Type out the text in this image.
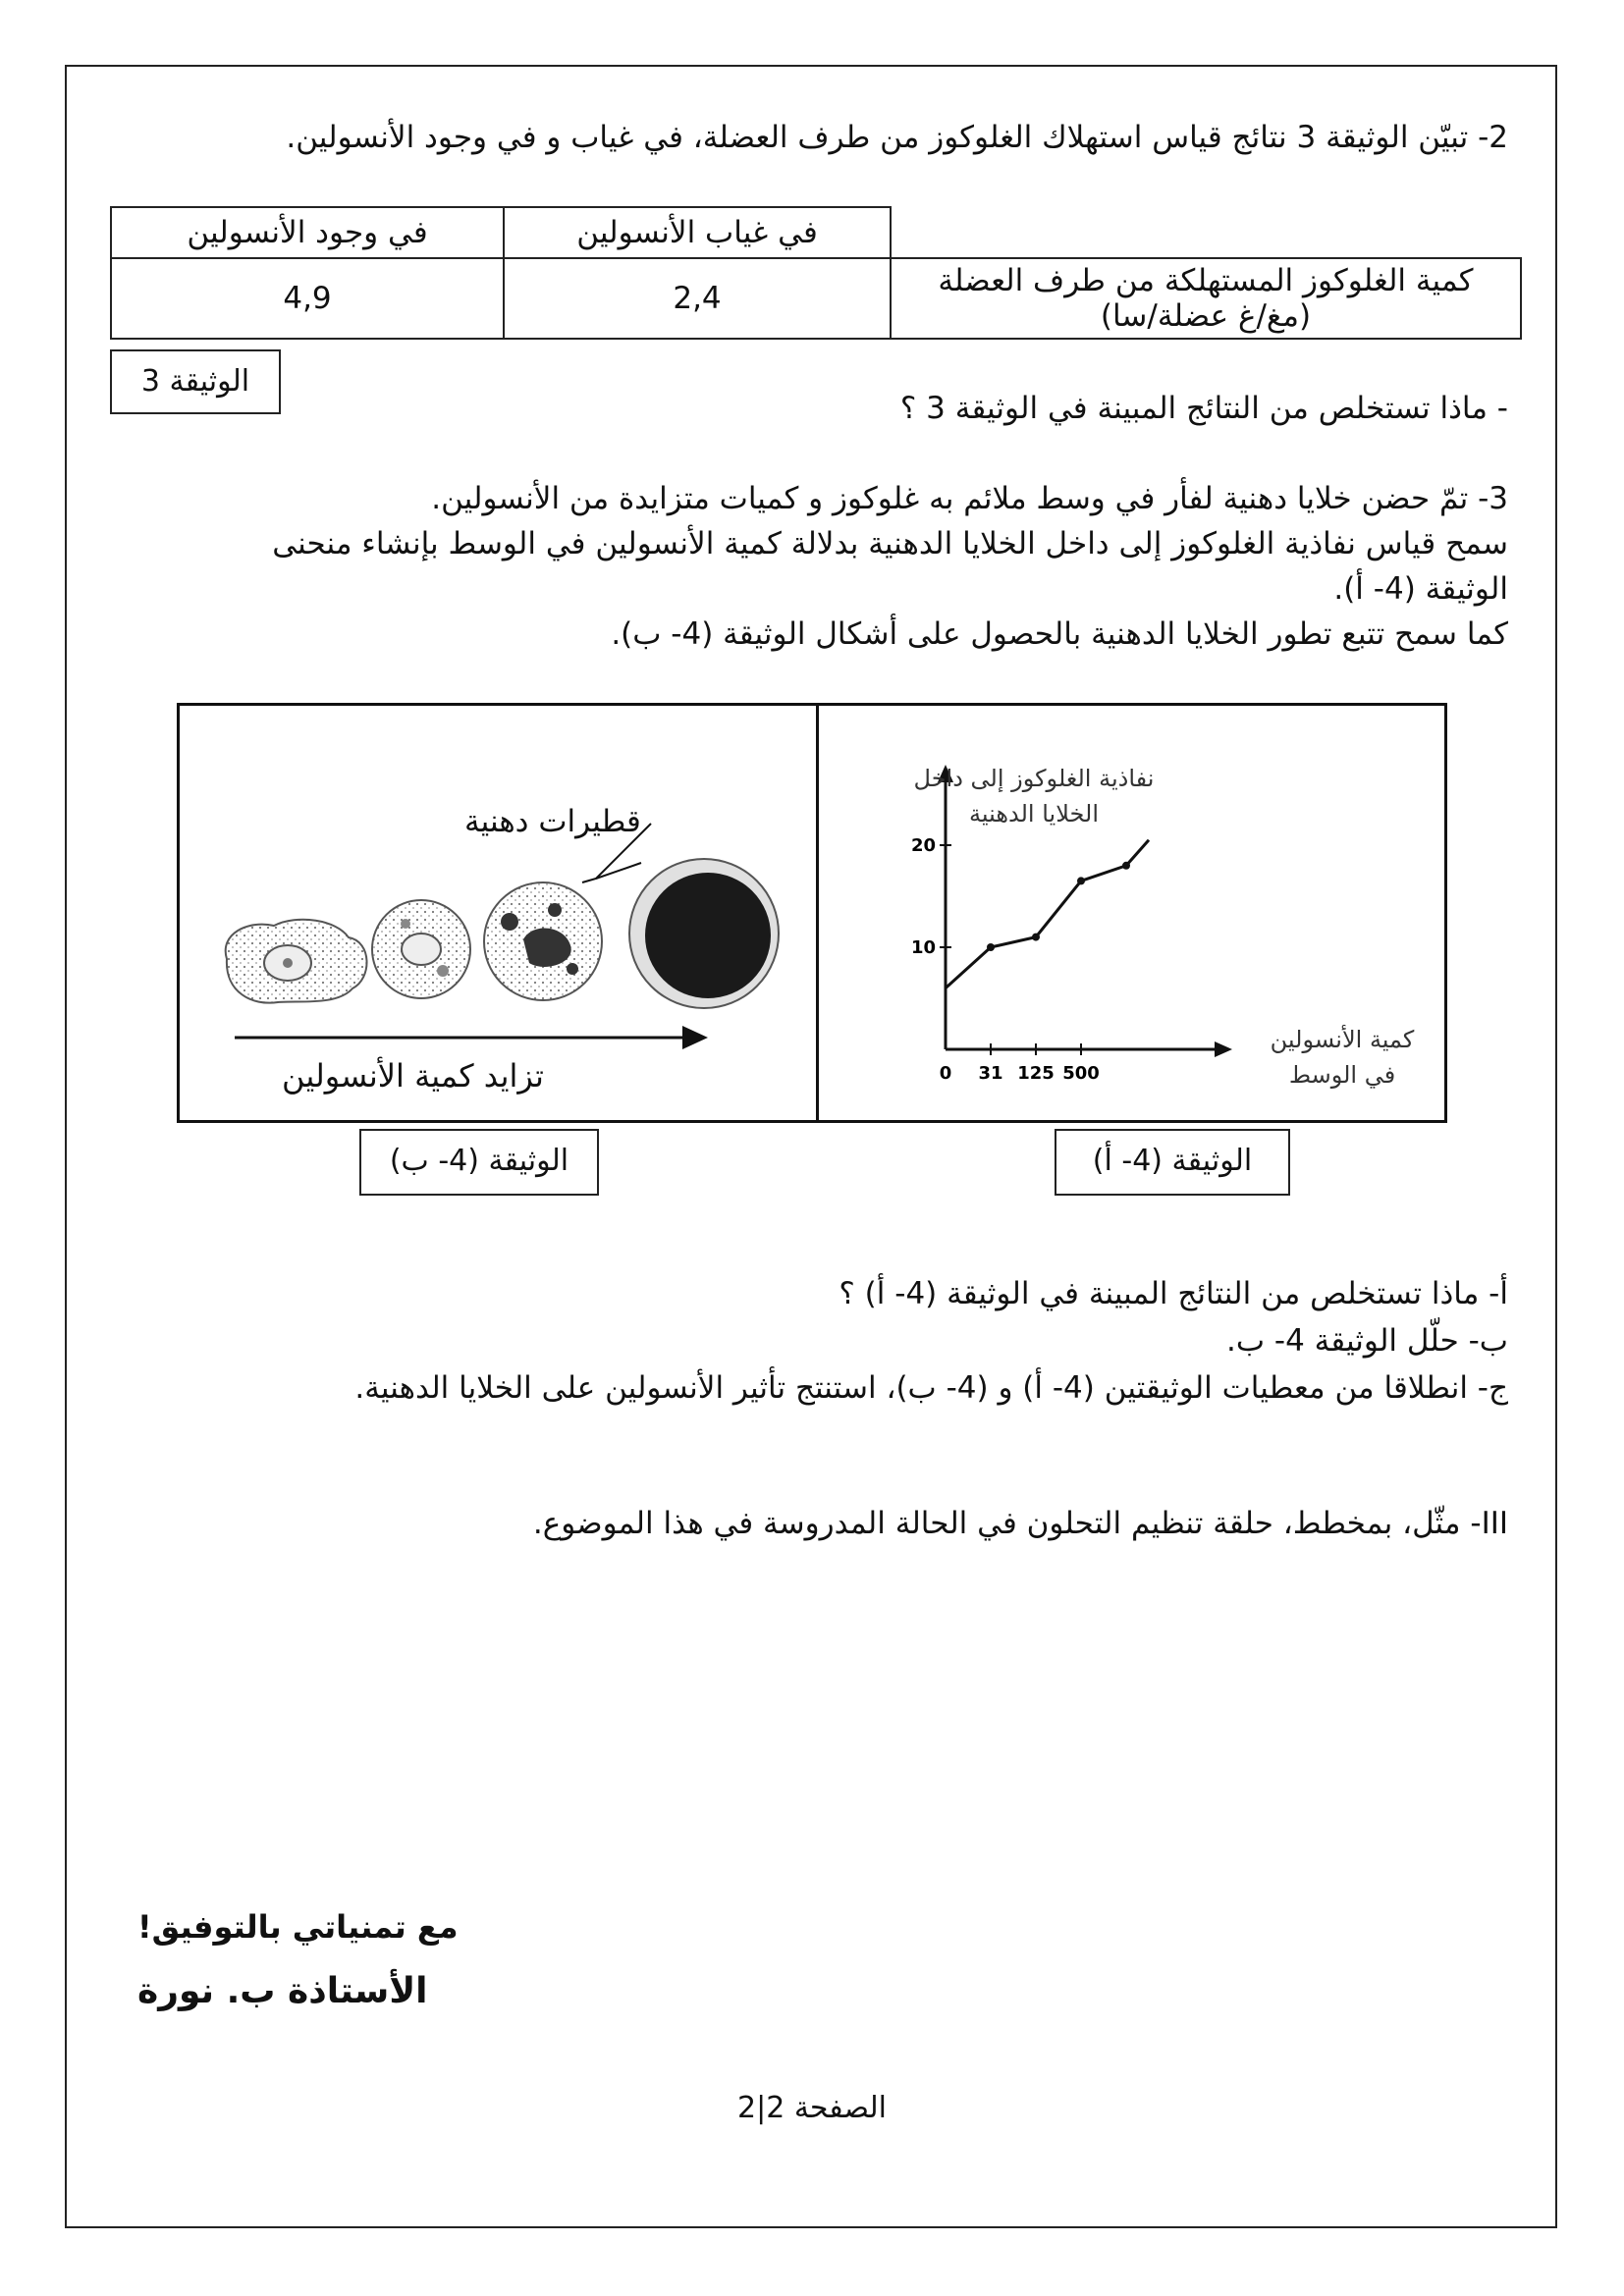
2- تبيّن الوثيقة 3 نتائج قياس استهلاك الغلوكوز من طرف العضلة، في غياب و في وجود الأنسولين.
	في غياب الأنسولين	في وجود الأنسولين

كمية الغلوكوز المستهلكة من طرف العضلة
(مغ/غ عضلة/سا)	2,4	4,9
الوثيقة 3
- ماذا تستخلص من النتائج المبينة في الوثيقة 3 ؟
3- تمّ حضن خلايا دهنية لفأر في وسط ملائم به غلوكوز و كميات متزايدة من الأنسولين.
سمح قياس نفاذية الغلوكوز إلى داخل الخلايا الدهنية بدلالة كمية الأنسولين في الوسط بإنشاء منحنى
الوثيقة (4- أ).
كما سمح تتبع تطور الخلايا الدهنية بالحصول على أشكال الوثيقة (4- ب).
قطيرات دهنية
تزايد كمية الأنسولين	0 31 125 500
10
20
نفاذية الغلوكوز إلى داخل
الخلايا الدهنية
كمية الأنسولين
في الوسط
الوثيقة (4- ب)	الوثيقة (4- أ)
أ- ماذا تستخلص من النتائج المبينة في الوثيقة (4- أ) ؟
ب- حلّل الوثيقة 4- ب.
ج- انطلاقا من معطيات الوثيقتين (4- أ) و (4- ب)، استنتج تأثير الأنسولين على الخلايا الدهنية.
III- مثّل، بمخطط، حلقة تنظيم التحلون في الحالة المدروسة في هذا الموضوع.
مع تمنياتي بالتوفيق!
الأستاذة ب. نورة
الصفحة 2|2
